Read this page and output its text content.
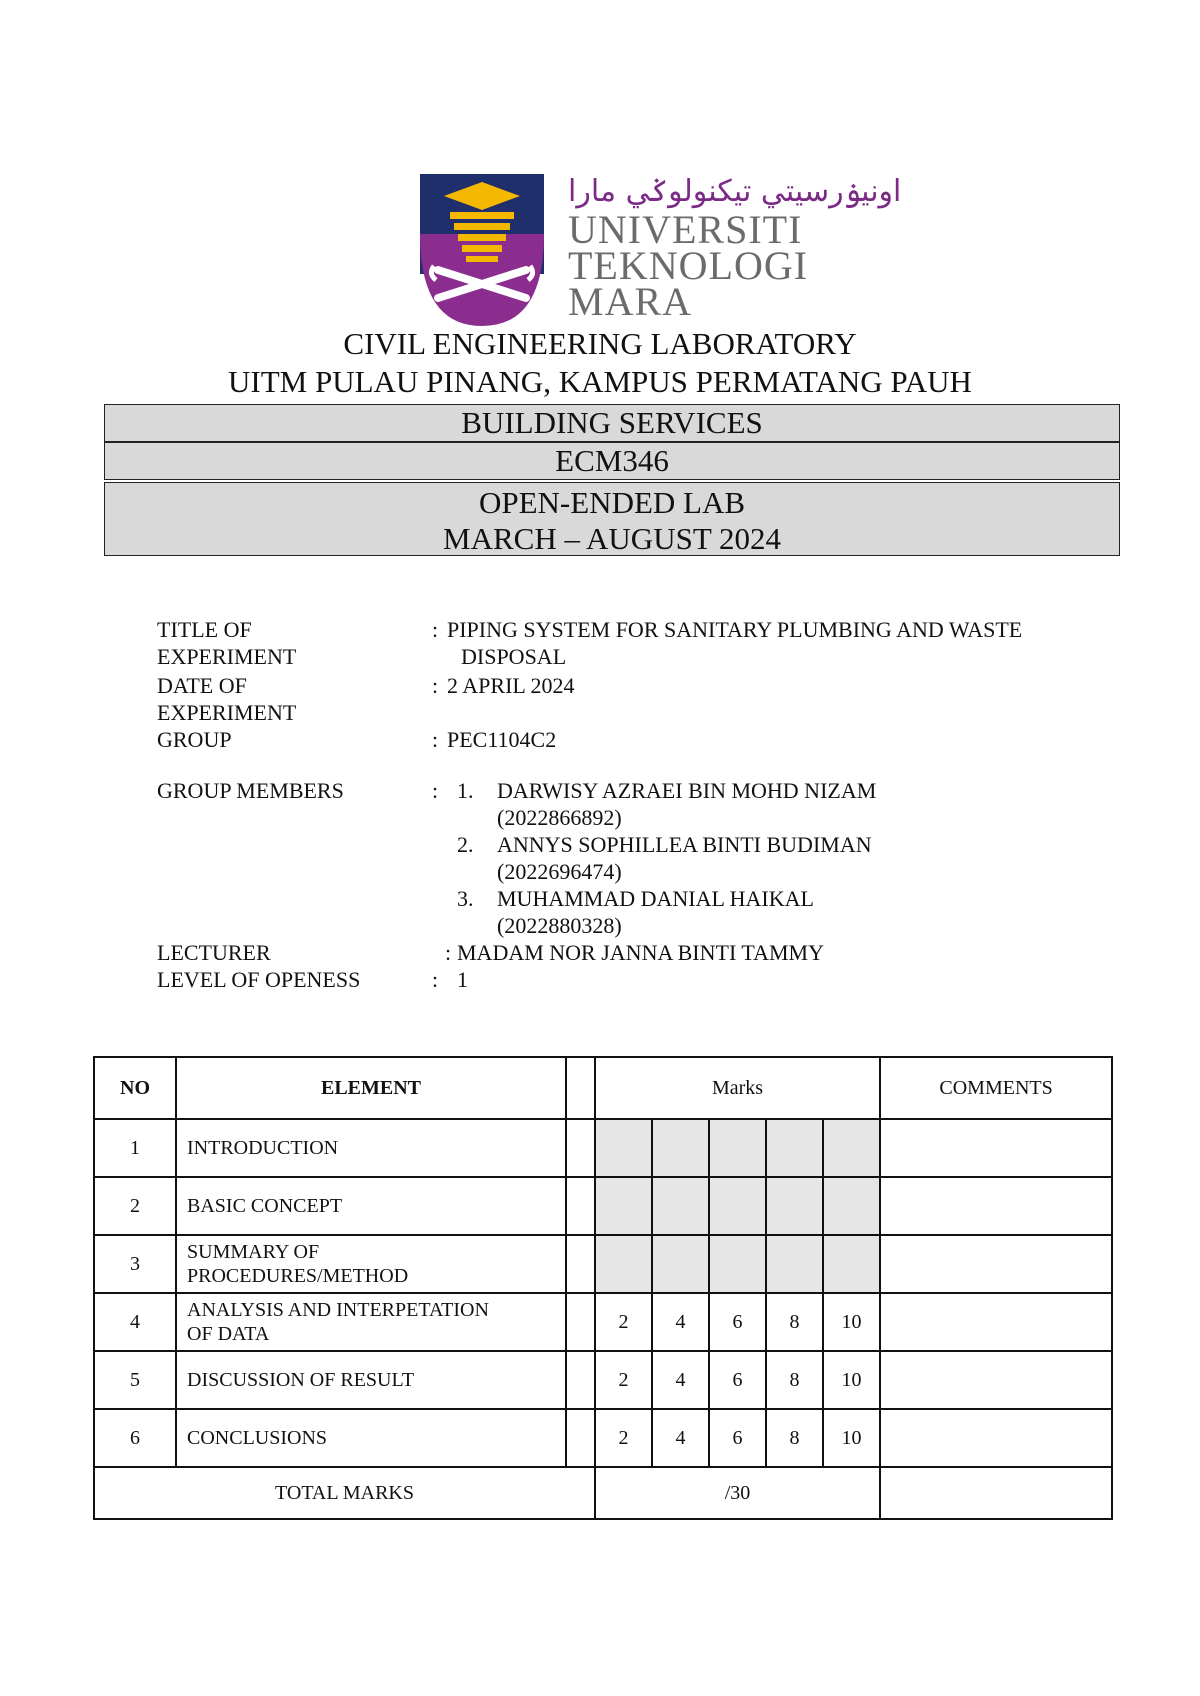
اونيۏرسيتي تيكنولوݢي مارا
UNIVERSITI
TEKNOLOGI
MARA
CIVIL ENGINEERING LABORATORY
UITM PULAU PINANG, KAMPUS PERMATANG PAUH
BUILDING SERVICES
ECM346
OPEN-ENDED LAB
MARCH – AUGUST 2024
TITLE OF
EXPERIMENT
: PIPING SYSTEM FOR SANITARY PLUMBING AND WASTE
DISPOSAL
DATE OF
EXPERIMENT
: 2 APRIL 2024
GROUP	: PEC1104C2
GROUP MEMBERS	: 1. DARWISY AZRAEI BIN MOHD NIZAM
(2022866892)
2. ANNYS SOPHILLEA BINTI BUDIMAN
(2022696474)
3. MUHAMMAD DANIAL HAIKAL
(2022880328)
LECTURER	: MADAM NOR JANNA BINTI TAMMY
LEVEL OF OPENESS	: 1
NO	ELEMENT		Marks					COMMENTS
1	INTRODUCTION							

2	BASIC CONCEPT							

3	SUMMARY OF
PROCEDURES/METHOD							

4	ANALYSIS AND INTERPETATION
OF DATA		2	4	6	8	10	
5	DISCUSSION OF RESULT		2	4	6	8	10	
6	CONCLUSIONS		2	4	6	8	10	
TOTAL MARKS			/30					
